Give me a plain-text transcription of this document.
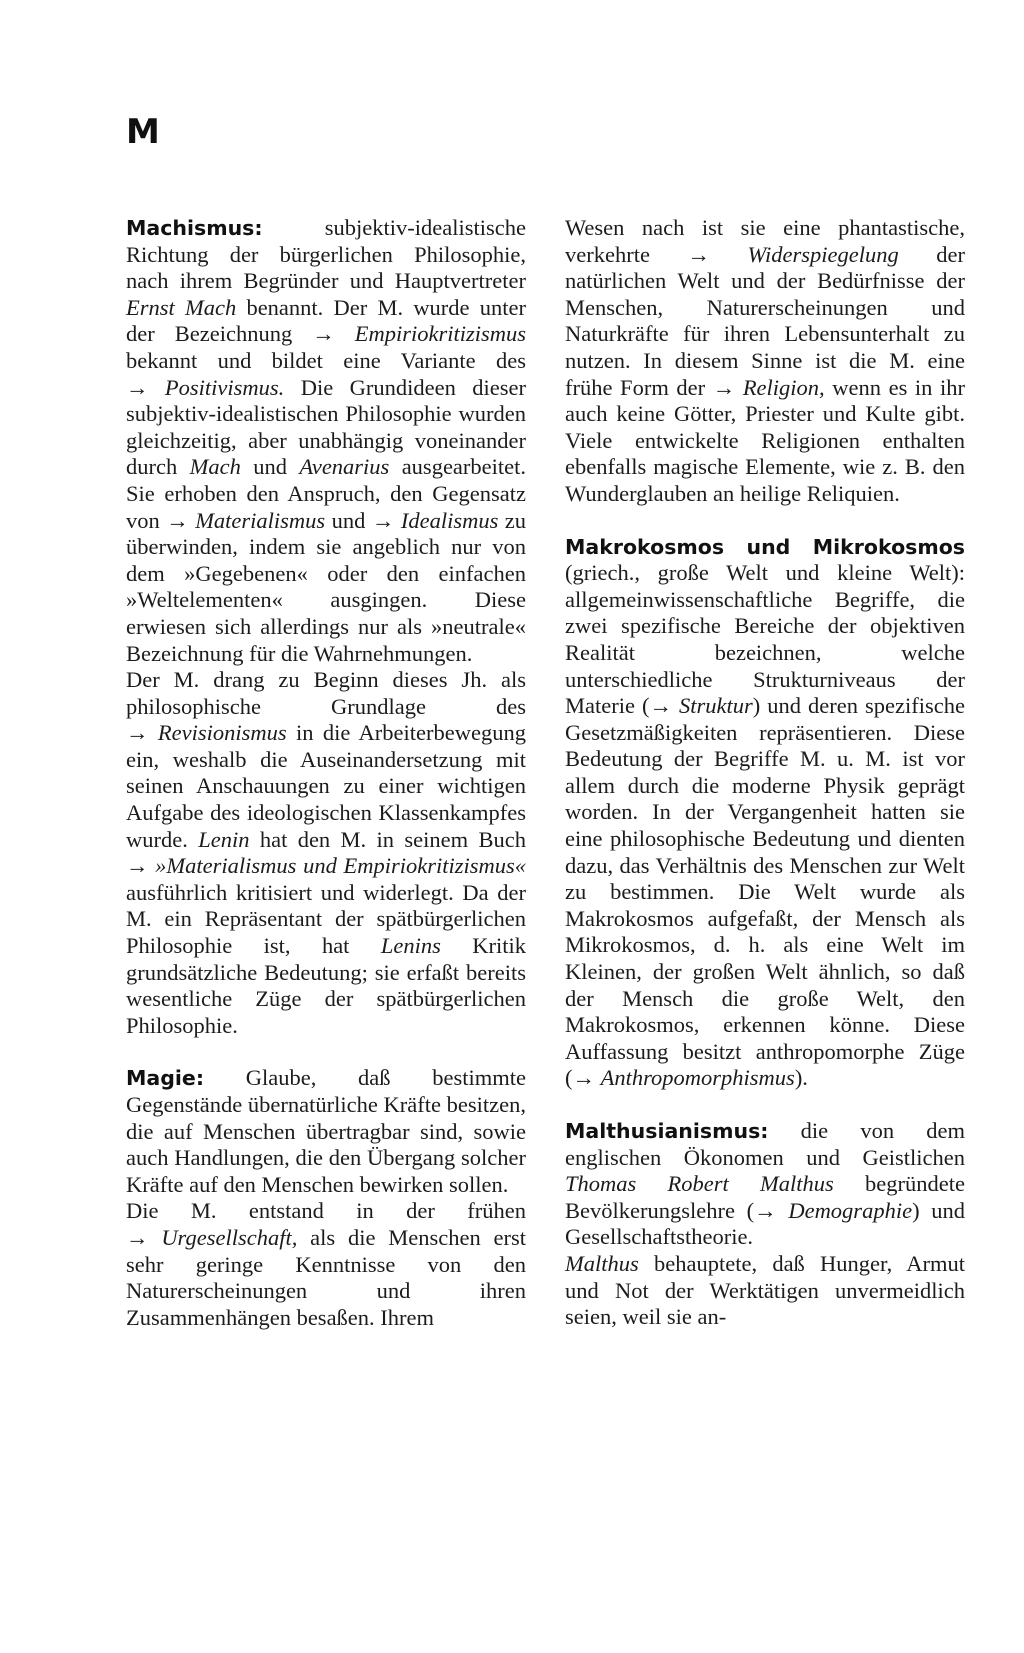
M

Machismus: subjektiv-idealistische Richtung der bürgerlichen Philosophie, nach ihrem Begründer und Hauptvertreter Ernst Mach benannt. Der M. wurde unter der Bezeichnung → Empiriokritizismus bekannt und bildet eine Variante des → Positivismus. Die Grundideen dieser subjektiv-idealistischen Philosophie wurden gleichzeitig, aber unabhängig voneinander durch Mach und Avenarius ausgearbeitet. Sie erhoben den Anspruch, den Gegensatz von → Materialismus und → Idealismus zu überwinden, indem sie angeblich nur von dem »Gegebenen« oder den einfachen »Weltelementen« ausgingen. Diese erwiesen sich allerdings nur als »neutrale« Bezeichnung für die Wahrnehmungen.

Der M. drang zu Beginn dieses Jh. als philosophische Grundlage des → Revisionismus in die Arbeiterbewegung ein, weshalb die Auseinandersetzung mit seinen Anschauungen zu einer wichtigen Aufgabe des ideologischen Klassenkampfes wurde. Lenin hat den M. in seinem Buch → »Materialismus und Empiriokritizismus« ausführlich kritisiert und widerlegt. Da der M. ein Repräsentant der spätbürgerlichen Philosophie ist, hat Lenins Kritik grundsätzliche Bedeutung; sie erfaßt bereits wesentliche Züge der spätbürgerlichen Philosophie.

Magie: Glaube, daß bestimmte Gegenstände übernatürliche Kräfte besitzen, die auf Menschen übertragbar sind, sowie auch Handlungen, die den Übergang solcher Kräfte auf den Menschen bewirken sollen.

Die M. entstand in der frühen → Urgesellschaft, als die Menschen erst sehr geringe Kenntnisse von den Naturerscheinungen und ihren Zusammenhängen besaßen. Ihrem

Wesen nach ist sie eine phantastische, verkehrte → Widerspiegelung der natürlichen Welt und der Bedürfnisse der Menschen, Naturerscheinungen und Naturkräfte für ihren Lebensunterhalt zu nutzen. In diesem Sinne ist die M. eine frühe Form der → Religion, wenn es in ihr auch keine Götter, Priester und Kulte gibt. Viele entwickelte Religionen enthalten ebenfalls magische Elemente, wie z. B. den Wunderglauben an heilige Reliquien.

Makrokosmos und Mikrokosmos (griech., große Welt und kleine Welt): allgemeinwissenschaftliche Begriffe, die zwei spezifische Bereiche der objektiven Realität bezeichnen, welche unterschiedliche Strukturniveaus der Materie (→ Struktur) und deren spezifische Gesetzmäßigkeiten repräsentieren. Diese Bedeutung der Begriffe M. u. M. ist vor allem durch die moderne Physik geprägt worden. In der Vergangenheit hatten sie eine philosophische Bedeutung und dienten dazu, das Verhältnis des Menschen zur Welt zu bestimmen. Die Welt wurde als Makrokosmos aufgefaßt, der Mensch als Mikrokosmos, d. h. als eine Welt im Kleinen, der großen Welt ähnlich, so daß der Mensch die große Welt, den Makrokosmos, erkennen könne. Diese Auffassung besitzt anthropomorphe Züge (→ Anthropomorphismus).

Malthusianismus: die von dem englischen Ökonomen und Geistlichen Thomas Robert Malthus begründete Bevölkerungslehre (→ Demographie) und Gesellschaftstheorie.

Malthus behauptete, daß Hunger, Armut und Not der Werktätigen unvermeidlich seien, weil sie an-
